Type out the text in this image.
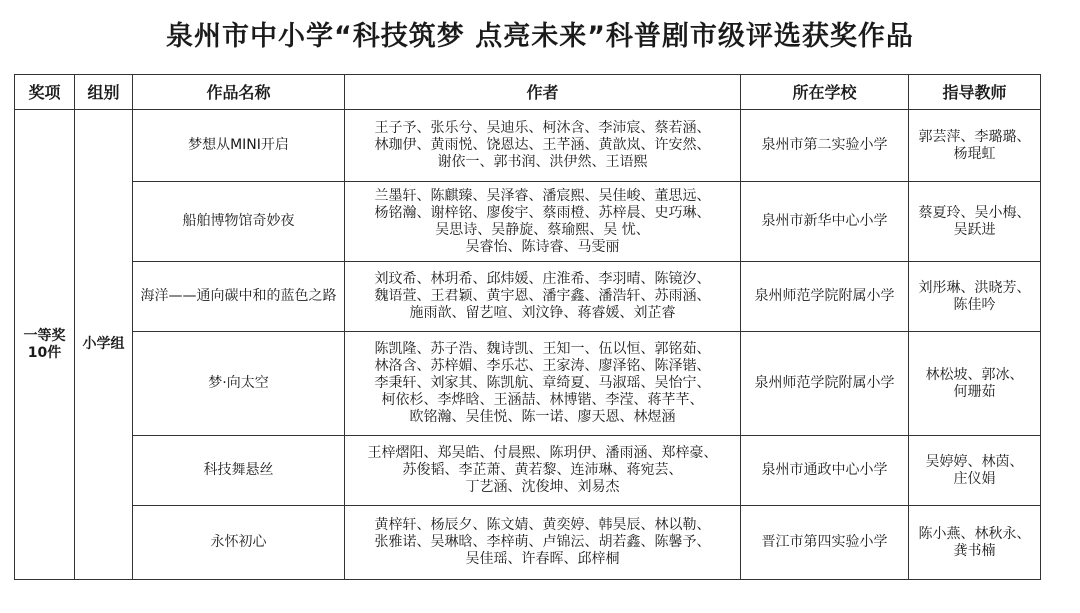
泉州市中小学“科技筑梦 点亮未来”科普剧市级评选获奖作品
奖项	组别	作品名称	作者	所在学校	指导教师

一等奖
10件	小学组	梦想从MINI开启	王子予、张乐兮、吴迪乐、柯沐含、李沛宸、蔡若涵、
林珈伊、黄雨悦、饶恩达、王芊涵、黄歆岚、许安然、
谢依一、郭书润、洪伊然、王语熙	泉州市第二实验小学	郭芸萍、李璐璐、
杨琨虹

		船舶博物馆奇妙夜	兰墨轩、陈麒臻、吴泽睿、潘宸熙、吴佳峻、董思远、
杨铭瀚、谢梓铭、廖俊宇、蔡雨橙、苏梓晨、史巧琳、
吴思诗、吴静旋、蔡瑜熙、吴 忧、
吴睿怡、陈诗睿、马雯丽	泉州市新华中心小学	蔡夏玲、吴小梅、
吴跃进

		海洋——通向碳中和的蓝色之路	刘玟希、林玥希、邱炜媛、庄淮希、李羽晴、陈镜汐、
魏语萱、王君颖、黄宇恩、潘宇鑫、潘浩轩、苏雨涵、
施雨歆、留艺喧、刘汶铮、蒋睿媛、刘芷睿	泉州师范学院附属小学	刘彤琳、洪晓芳、
陈佳吟

		梦·向太空	陈凯隆、苏子浩、魏诗凯、王知一、伍以恒、郭铭茹、
林洛含、苏梓媚、李乐芯、王家涛、廖泽铭、陈泽锴、
李秉轩、刘家其、陈凯航、章绮夏、马淑瑶、吴怡宁、
柯依杉、李烨晗、王涵喆、林博锴、李滢、蒋芊芊、
欧铭瀚、吴佳悦、陈一诺、廖天恩、林煜涵	泉州师范学院附属小学	林松坡、郭冰、
何珊茹

		科技舞悬丝	王梓熠阳、郑吴皓、付晨熙、陈玥伊、潘雨涵、郑梓豪、
苏俊韬、李芷萧、黄若黎、连沛琳、蒋宛芸、
丁艺涵、沈俊坤、刘易杰	泉州市通政中心小学	吴婷婷、林茵、
庄仪娟

		永怀初心	黄梓轩、杨辰夕、陈文婧、黄奕婷、韩昊辰、林以勒、
张雅诺、吴琳晗、李梓萌、卢锦沄、胡若鑫、陈馨予、
吴佳瑶、许春晖、邱梓桐	晋江市第四实验小学	陈小燕、林秋永、
龚书楠
